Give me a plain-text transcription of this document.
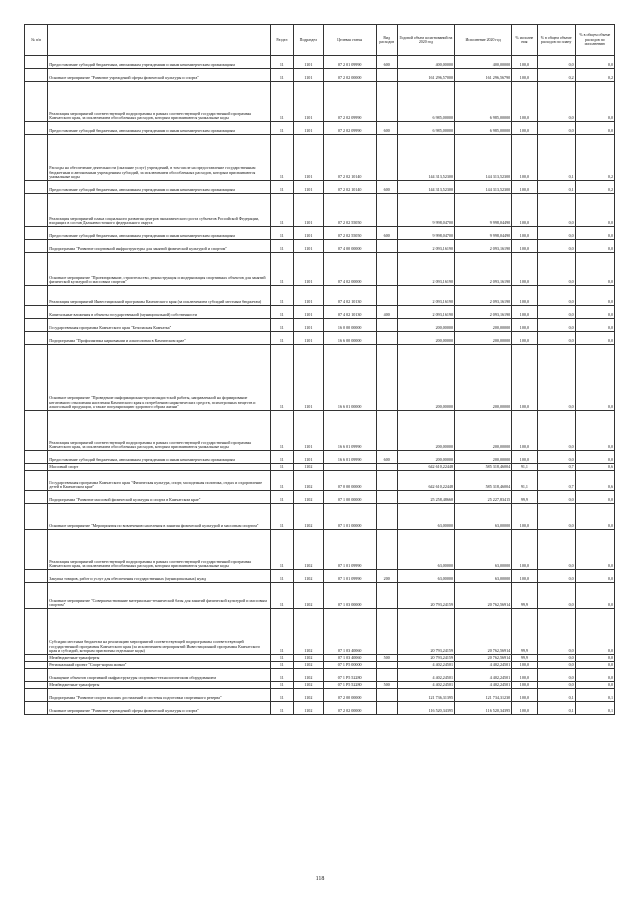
№ п/п		Раздел	Подраздел	Целевая статья	Вид расходов	Годовой объем ассигнований на 2020 год	Исполнение 2020 год	% исполне ния	% в общем объеме расходов по плану	% в общем объеме расходов по исполнению
	Предоставление субсидий бюджетным, автономным учреждениям и иным некоммерческим организациям	11	1101	07 2 01 09990	600	400,00000	400,00000	100,0	0,0	0,0
	Основное мероприятие "Развитие учреждений сферы физической культуры и спорта"	11	1101	07 2 02 00000		161 296,57000	161 296,56790	100,0	0,2	0,2
	Реализация мероприятий соответствующей подпрограммы в рамках соответствующей государственной программы Камчатского края, за исключением обособленных расходов, которым присваиваются уникальные коды	11	1101	07 2 02 09990		6 985,00000	6 985,00000	100,0	0,0	0,0
	Предоставление субсидий бюджетным, автономным учреждениям и иным некоммерческим организациям	11	1101	07 2 02 09990	600	6 985,00000	6 985,00000	100,0	0,0	0,0
	Расходы на обеспечение деятельности (оказание услуг) учреждений, в том числе на предоставление государственным бюджетным и автономным учреждениям субсидий, за исключением обособленных расходов, которым присваиваются уникальные коды	11	1101	07 2 02 10140		144 313,52300	144 313,52300	100,0	0,1	0,2
	Предоставление субсидий бюджетным, автономным учреждениям и иным некоммерческим организациям	11	1101	07 2 02 10140	600	144 313,52300	144 313,52300	100,0	0,1	0,2
	Реализация мероприятий плана социального развития центров экономического роста субъектов Российской Федерации, входящих в состав Дальневосточного федерального округа	11	1101	07 2 02 55050		9 998,04700	9 998,04490	100,0	0,0	0,0
	Предоставление субсидий бюджетным, автономным учреждениям и иным некоммерческим организациям	11	1101	07 2 02 55050	600	9 998,04700	9 998,04490	100,0	0,0	0,0
	Подпрограмма "Развитие спортивной инфраструктуры для занятий физической культурой и спортом"	11	1101	07 4 00 00000		2 093,16190	2 093,16190	100,0	0,0	0,0
	Основное мероприятие "Проектирование, строительство, реконструкция и модернизация спортивных объектов для занятий физической культурой и массовым спортом"	11	1101	07 4 02 00000		2 093,16190	2 093,16190	100,0	0,0	0,0
	Реализация мероприятий Инвестиционной программы Камчатского края (за исключением субсидий местным бюджетам)	11	1101	07 4 02 10130		2 093,16190	2 093,16190	100,0	0,0	0,0
	Капитальные вложения в объекты государственной (муниципальной) собственности	11	1101	07 4 02 10130	400	2 093,16190	2 093,16190	100,0	0,0	0,0
	Государственная программа Камчатского края "Безопасная Камчатка"	11	1101	16 0 00 00000		200,00000	200,00000	100,0	0,0	0,0
	Подпрограмма "Профилактика наркомании и алкоголизма в Камчатском крае"	11	1101	16 6 00 00000		200,00000	200,00000	100,0	0,0	0,0
	Основное мероприятие "Проведение информационно-пропагандистской работы, направленной на формирование негативного отношения населения Камчатского края к потреблению наркотических средств, психотропных веществ и алкогольной продукции, а также популяризацию здорового образа жизни"	11	1101	16 6 01 00000		200,00000	200,00000	100,0	0,0	0,0
	Реализация мероприятий соответствующей подпрограммы в рамках соответствующей государственной программы Камчатского края, за исключением обособленных расходов, которым присваиваются уникальные коды	11	1101	16 6 01 09990		200,00000	200,00000	100,0	0,0	0,0
	Предоставление субсидий бюджетным, автономным учреждениям и иным некоммерческим организациям	11	1101	16 6 01 09990	600	200,00000	200,00000	100,0	0,0	0,0
	Массовый спорт	11	1102			642 610,22448	585 318,46004	91,1	0,7	0,6
	Государственная программа Камчатского края "Физическая культура, спорт, молодежная политика, отдых и оздоровление детей в Камчатском крае"	11	1102	07 0 00 00000		642 610,22448	585 318,46004	91,1	0,7	0,6
	Подпрограмма "Развитие массовой физической культуры и спорта в Камчатском крае"	11	1102	07 1 00 00000		25 258,48660	25 227,83415	99,9	0,0	0,0
	Основное мероприятие "Мероприятия по вовлечению населения в занятия физической культурой и массовым спортом"	11	1102	07 1 01 00000		63,00000	63,00000	100,0	0,0	0,0
	Реализация мероприятий соответствующей подпрограммы в рамках соответствующей государственной программы Камчатского края, за исключением обособленных расходов, которым присваиваются уникальные коды	11	1102	07 1 01 09990		63,00000	63,00000	100,0	0,0	0,0
	Закупка товаров, работ и услуг для обеспечения государственных (муниципальных) нужд	11	1102	07 1 01 09990	200	63,00000	63,00000	100,0	0,0	0,0
	Основное мероприятие "Совершенствование материально-технической базы для занятий физической культурой и массовым спортом"	11	1102	07 1 03 00000		20 793,24159	20 762,56914	99,9	0,0	0,0
	Субсидии местным бюджетам на реализацию мероприятий соответствующей подпрограммы соответствующей государственной программы Камчатского края (за исключением мероприятий Инвестиционной программы Камчатского края и субсидий, которым присвоены отдельные коды)	11	1102	07 1 03 40060		20 793,24159	20 762,56914	99,9	0,0	0,0
	Межбюджетные трансферты	11	1102	07 1 03 40060	500	20 793,24159	20 762,56914	99,9	0,0	0,0
	Региональный проект "Спорт-норма жизни"	11	1102	07 1 P5 00000		4 402,24501	4 402,24501	100,0	0,0	0,0
	Оснащение объектов спортивной инфраструктуры спортивно-технологическим оборудованием	11	1102	07 1 P5 52280		4 402,24501	4 402,24501	100,0	0,0	0,0
	Межбюджетные трансферты	11	1102	07 1 P5 52280	500	4 402,24501	4 402,24501	100,0	0,0	0,0
	Подпрограмма "Развитие спорта высших достижений и системы подготовки спортивного резерва"	11	1102	07 2 00 00000		121 736,31395	121 734,31230	100,0	0,1	0,1
	Основное мероприятие "Развитие учреждений сферы физической культуры и спорта"	11	1102	07 2 02 00000		116 520,34395	116 520,34395	100,0	0,1	0,1
118
